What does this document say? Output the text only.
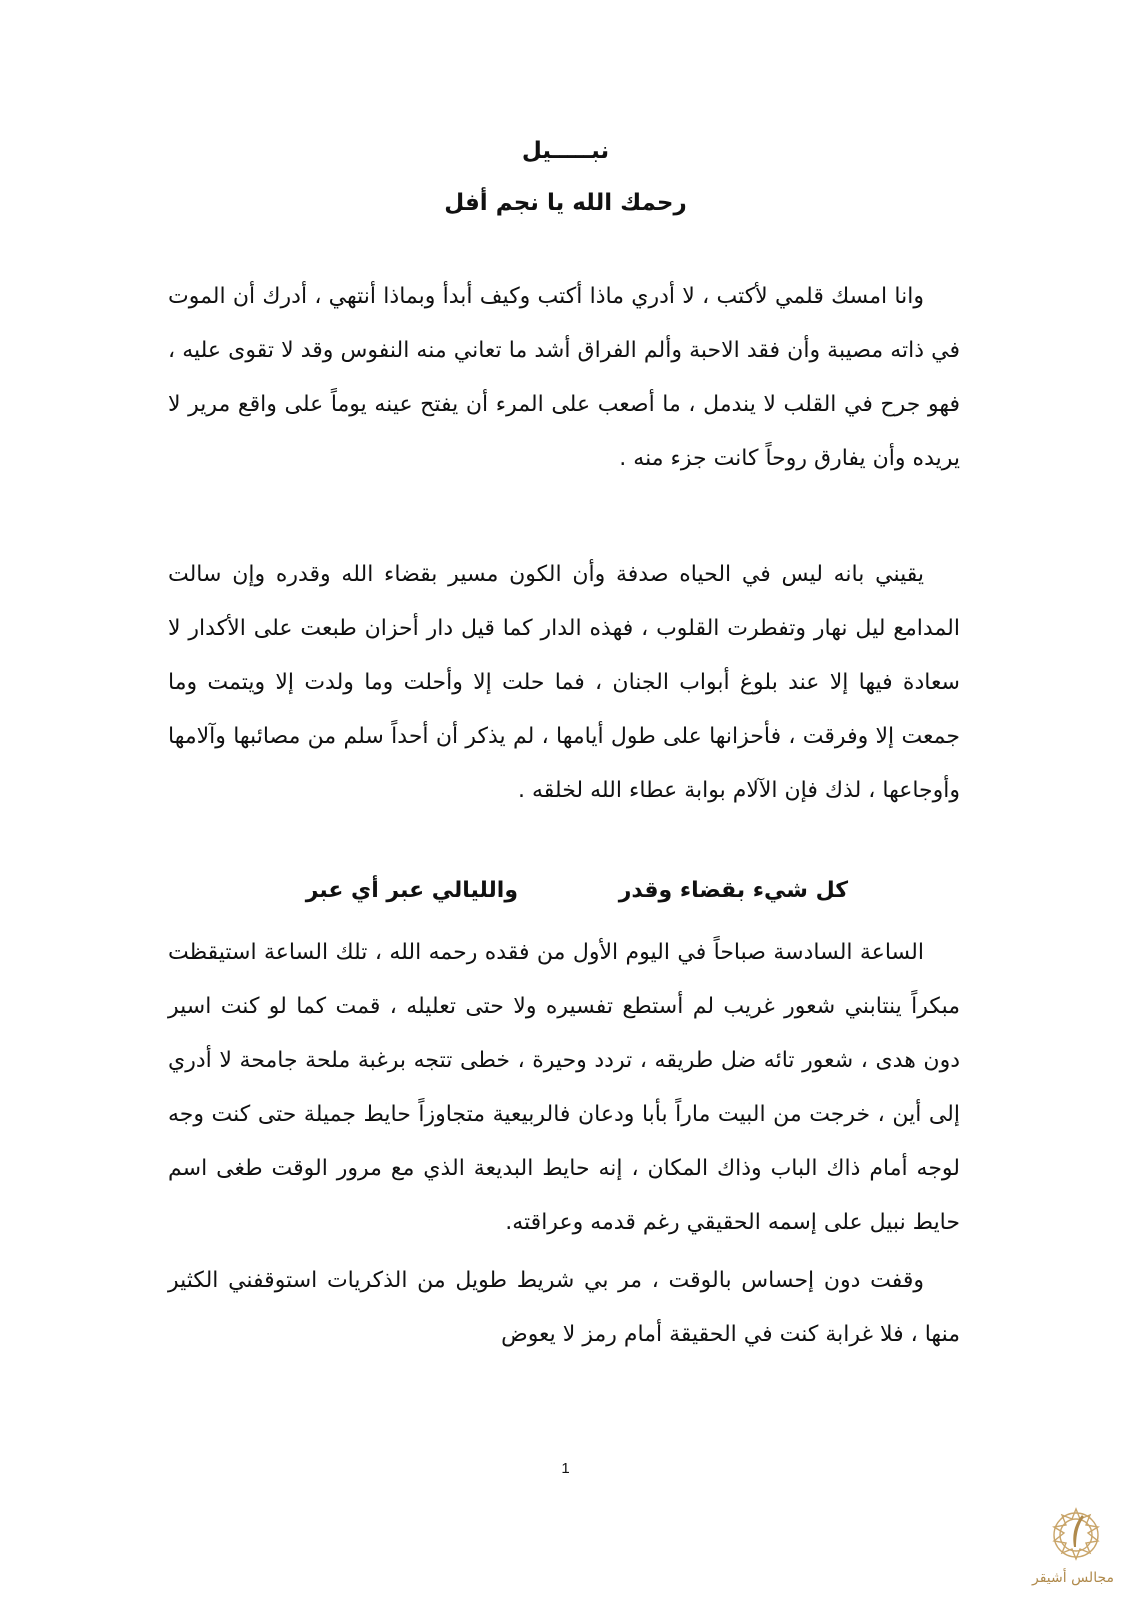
نبـــــيل
رحمك الله يا نجم أفل

وانا امسك قلمي لأكتب ، لا أدري ماذا أكتب وكيف أبدأ وبماذا أنتهي ، أدرك أن الموت في ذاته مصيبة وأن فقد الاحبة وألم الفراق أشد ما تعاني منه النفوس وقد لا تقوى عليه ، فهو جرح في القلب لا يندمل ، ما أصعب على المرء أن يفتح عينه يوماً على واقع مرير لا يريده وأن يفارق روحاً كانت جزء منه .

يقيني بانه ليس في الحياه صدفة وأن الكون مسير بقضاء الله وقدره وإن سالت المدامع ليل نهار وتفطرت القلوب ، فهذه الدار كما قيل دار أحزان طبعت على الأكدار لا سعادة فيها إلا عند بلوغ أبواب الجنان ، فما حلت إلا وأحلت وما ولدت إلا ويتمت وما جمعت إلا وفرقت ، فأحزانها على طول أيامها ، لم يذكر أن أحداً سلم من مصائبها وآلامها وأوجاعها ، لذك فإن الآلام بوابة عطاء الله لخلقه .

كل شيء بقضاء وقدر
والليالي عبر أي عبر

الساعة السادسة صباحاً في اليوم الأول من فقده رحمه الله ، تلك الساعة استيقظت مبكراً ينتابني شعور غريب لم أستطع تفسيره ولا حتى تعليله ، قمت كما لو كنت اسير دون هدى ، شعور تائه ضل طريقه ، تردد وحيرة ، خطى تتجه برغبة ملحة جامحة لا أدري إلى أين ، خرجت من البيت ماراً بأبا ودعان فالربيعية متجاوزاً حايط جميلة حتى كنت وجه لوجه أمام ذاك الباب وذاك المكان ، إنه حايط البديعة الذي مع مرور الوقت طغى اسم حايط نبيل على إسمه الحقيقي رغم قدمه وعراقته.

وقفت دون إحساس بالوقت ، مر بي شريط طويل من الذكريات استوقفني الكثير منها ، فلا غرابة كنت في الحقيقة أمام رمز لا يعوض

1
مجالس أشيقر
